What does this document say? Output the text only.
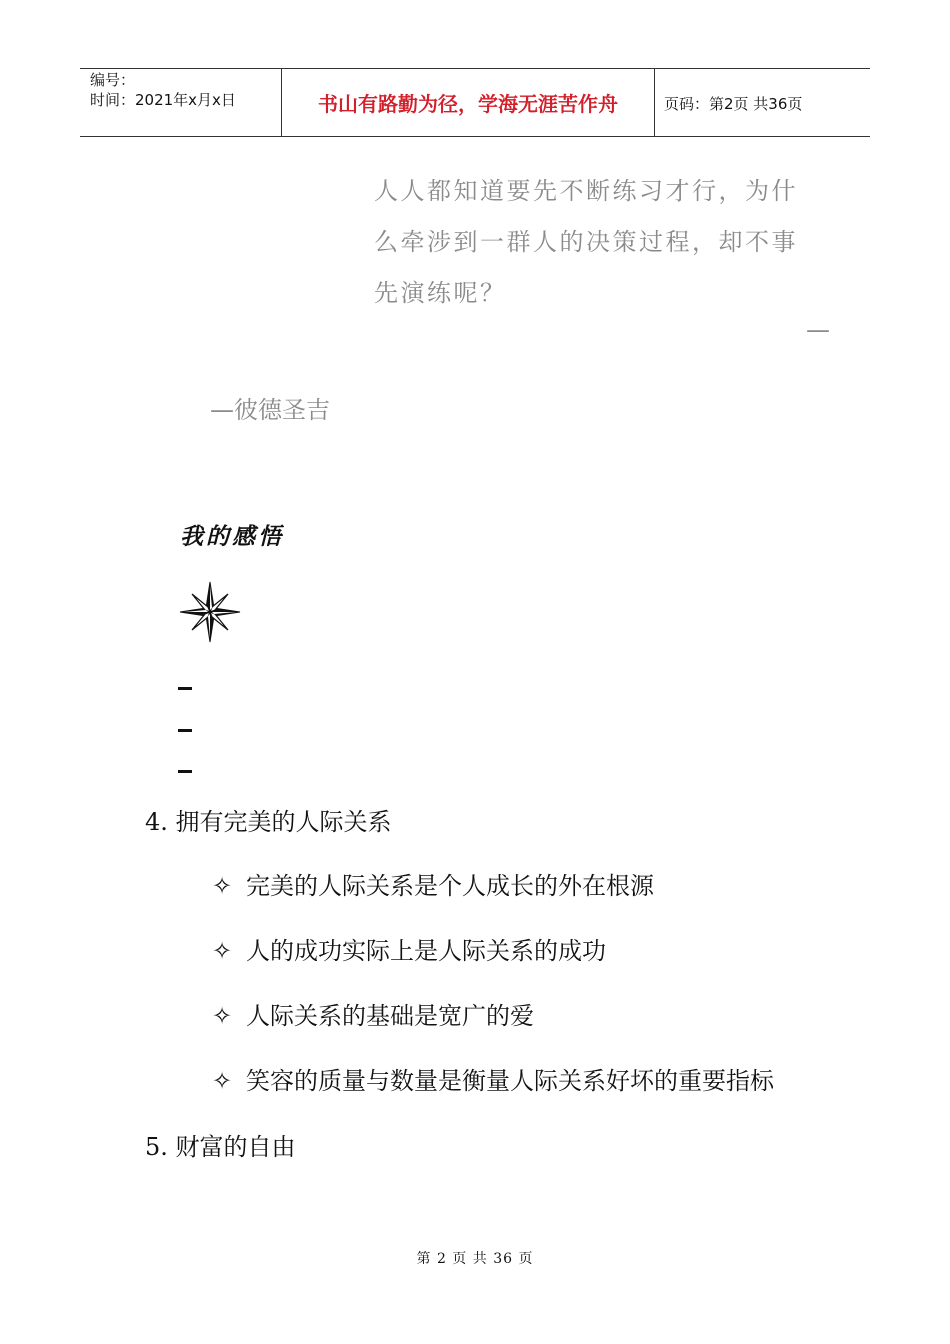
编号：
时间：2021年x月x日	书山有路勤为径，学海无涯苦作舟	页码：第2页 共36页
人人都知道要先不断练习才行，为什
么牵涉到一群人的决策过程，却不事
先演练呢？
—
—彼德圣吉
我的感悟
4. 拥有完美的人际关系
✧ 完美的人际关系是个人成长的外在根源
✧ 人的成功实际上是人际关系的成功
✧ 人际关系的基础是宽广的爱
✧ 笑容的质量与数量是衡量人际关系好坏的重要指标
5. 财富的自由
第 2 页 共 36 页
